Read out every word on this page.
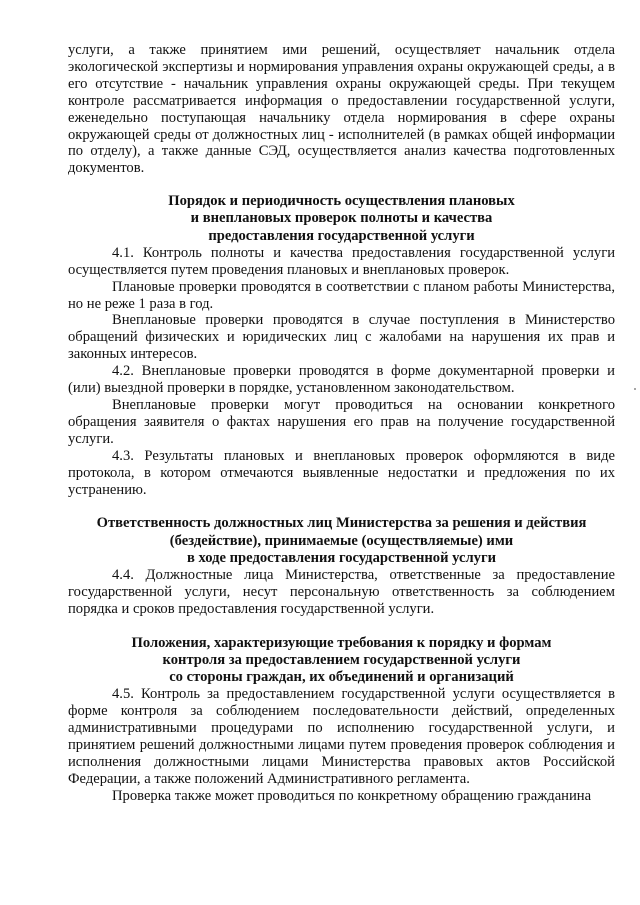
услуги, а также принятием ими решений, осуществляет начальник отдела экологической экспертизы и нормирования управления охраны окружающей среды, а в его отсутствие - начальник управления охраны окружающей среды. При текущем контроле рассматривается информация о предоставлении государственной услуги, еженедельно поступающая начальнику отдела нормирования в сфере охраны окружающей среды от должностных лиц - исполнителей (в рамках общей информации по отделу), а также данные СЭД, осуществляется анализ качества подготовленных документов.

Порядок и периодичность осуществления плановых
и внеплановых проверок полноты и качества
предоставления государственной услуги

4.1. Контроль полноты и качества предоставления государственной услуги осуществляется путем проведения плановых и внеплановых проверок.

Плановые проверки проводятся в соответствии с планом работы Министерства, но не реже 1 раза в год.

Внеплановые проверки проводятся в случае поступления в Министерство обращений физических и юридических лиц с жалобами на нарушения их прав и законных интересов.

4.2. Внеплановые проверки проводятся в форме документарной проверки и (или) выездной проверки в порядке, установленном законодательством.

Внеплановые проверки могут проводиться на основании конкретного обращения заявителя о фактах нарушения его прав на получение государственной услуги.

4.3. Результаты плановых и внеплановых проверок оформляются в виде протокола, в котором отмечаются выявленные недостатки и предложения по их устранению.

Ответственность должностных лиц Министерства за решения и действия
(бездействие), принимаемые (осуществляемые) ими
в ходе предоставления государственной услуги

4.4. Должностные лица Министерства, ответственные за предоставление государственной услуги, несут персональную ответственность за соблюдением порядка и сроков предоставления государственной услуги.

Положения, характеризующие требования к порядку и формам
контроля за предоставлением государственной услуги
со стороны граждан, их объединений и организаций

4.5. Контроль за предоставлением государственной услуги осуществляется в форме контроля за соблюдением последовательности действий, определенных административными процедурами по исполнению государственной услуги, и принятием решений должностными лицами путем проведения проверок соблюдения и исполнения должностными лицами Министерства правовых актов Российской Федерации, а также положений Административного регламента.

Проверка также может проводиться по конкретному обращению гражданина
